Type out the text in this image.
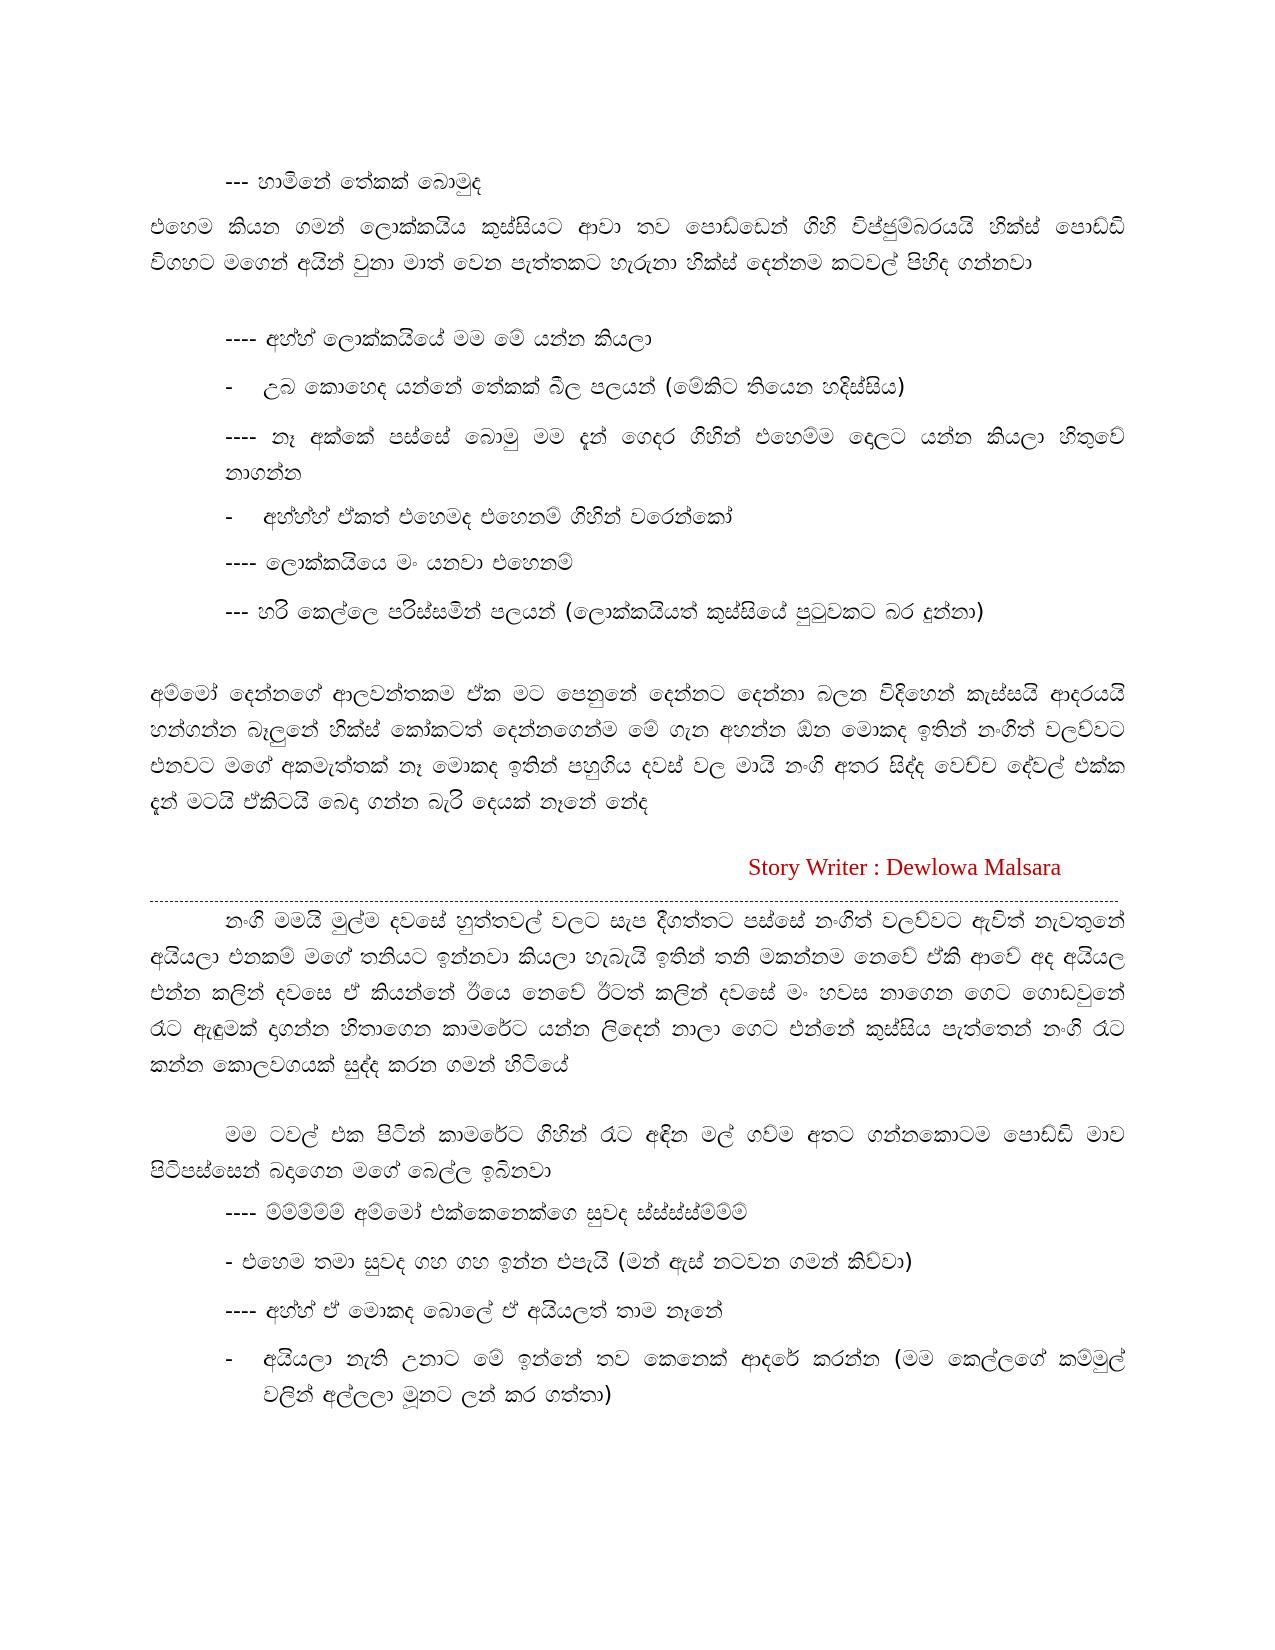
--- හාමිනේ තේකක් බොමුද

එහෙම කියන ගමන් ලොක්කයිය කුස්සියට ආවා තව පොඩ්ඩෙන් ගිහි විප්ජුම්බරයයි හික්ස් පොඩ්ඩි විගහට මගෙන් අයින් වුනා මාත් වෙන පැත්තකට හැරුනා හික්ස් දෙන්නම කටවල් පිහිද ගන්නවා

---- අහ්හ් ලොක්කයියේ මම මේ යන්න කියලා

-	උබ කොහෙද යන්නේ තේකක් බීල පලයන් (මේකිට තියෙන හදිස්සිය)

---- නෑ අක්කේ පස්සේ බොමු මම දැන් ගෙදර ගිහින් එහෙම්ම දොලට යන්න කියලා හිතුවේ නාගන්න

-	අහ්හ්හ් ඒකත් එහෙමද එහෙනම් ගිහින් වරෙන්කෝ

---- ලොක්කයියෙ මං යනවා එහෙනම්

--- හරි කෙල්ලෙ පරිස්සමින් පලයන් (ලොක්කයියත් කුස්සියේ පුටුවකට බර දුන්නා)

අම්මෝ දෙන්නගේ ආලවන්තකම ඒක මට පෙනුනේ දෙන්නට දෙන්නා බලන විදිහෙන් කැස්සයි ආදරයයි හන්ගන්න බෑලුනේ හික්ස් කෝකටත් දෙන්නගෙන්ම මේ ගැන අහන්න ඕන මොකද ඉතින් නංගිත් වලව්වට එනවට මගේ අකමැත්තක් නෑ මොකද ඉතින් පහුගිය දවස් වල මායි නංගි අතර සිද්ද වෙච්ච දේවල් එක්ක දැන් මටයි ඒකිටයි බෙදා ගන්න බැරි දෙයක් නෑනේ නේද

Story Writer : Dewlowa Malsara

නංගි මමයි මුල්ම දවසේ හුත්තවල් වලට සැප දීගත්තට පස්සේ නංගිත් වලව්වට ඇවිත් නැවතුනේ අයියලා එනකම් මගේ තනියට ඉන්නවා කියලා හැබැයි ඉතින් තනි මකන්නම නෙවේ ඒකි ආවේ අද අයියල එන්න කලින් දවසෙ ඒ කියන්නේ ඊයෙ නෙවේ ඊටත් කලින් දවසේ මං හවස නාගෙන ගෙට ගොඩවුනේ රෑට ඇඳුමක් දාගන්න හිතාගෙන කාමරේට යන්න ලිදෙන් නාලා ගෙට එන්නේ කුස්සිය පැත්තෙන් නංගි රෑට කන්න කොලවගයක් සුද්ද කරන ගමන් හිටියේ

මම ටවල් එක පිටින් කාමරේට ගිහින් රෑට අඳින මල් ගව්ම අතට ගන්නකොටම පොඩ්ඩි මාව පිටිපස්සෙන් බදාගෙන මගේ බෙල්ල ඉබිනවා

---- ම්ම්ම්ම්ම් අම්මෝ එක්කෙනෙක්ගෙ සුවද ස්ස්ස්ස්ම්ම්ම්

- එහෙම තමා සුවද ගහ ගහ ඉන්න එපැයි (මන් ඇස් නටවන ගමන් කිව්වා)

---- අහ්හ් ඒ මොකද බොලේ ඒ අයියලත් තාම නෑනේ

-	අයියලා නැති උනාට මේ ඉන්නේ තව කෙනෙක් ආදරේ කරන්න (මම කෙල්ලගේ කම්මුල් වලින් අල්ලලා මූනට ලන් කර ගත්තා)
